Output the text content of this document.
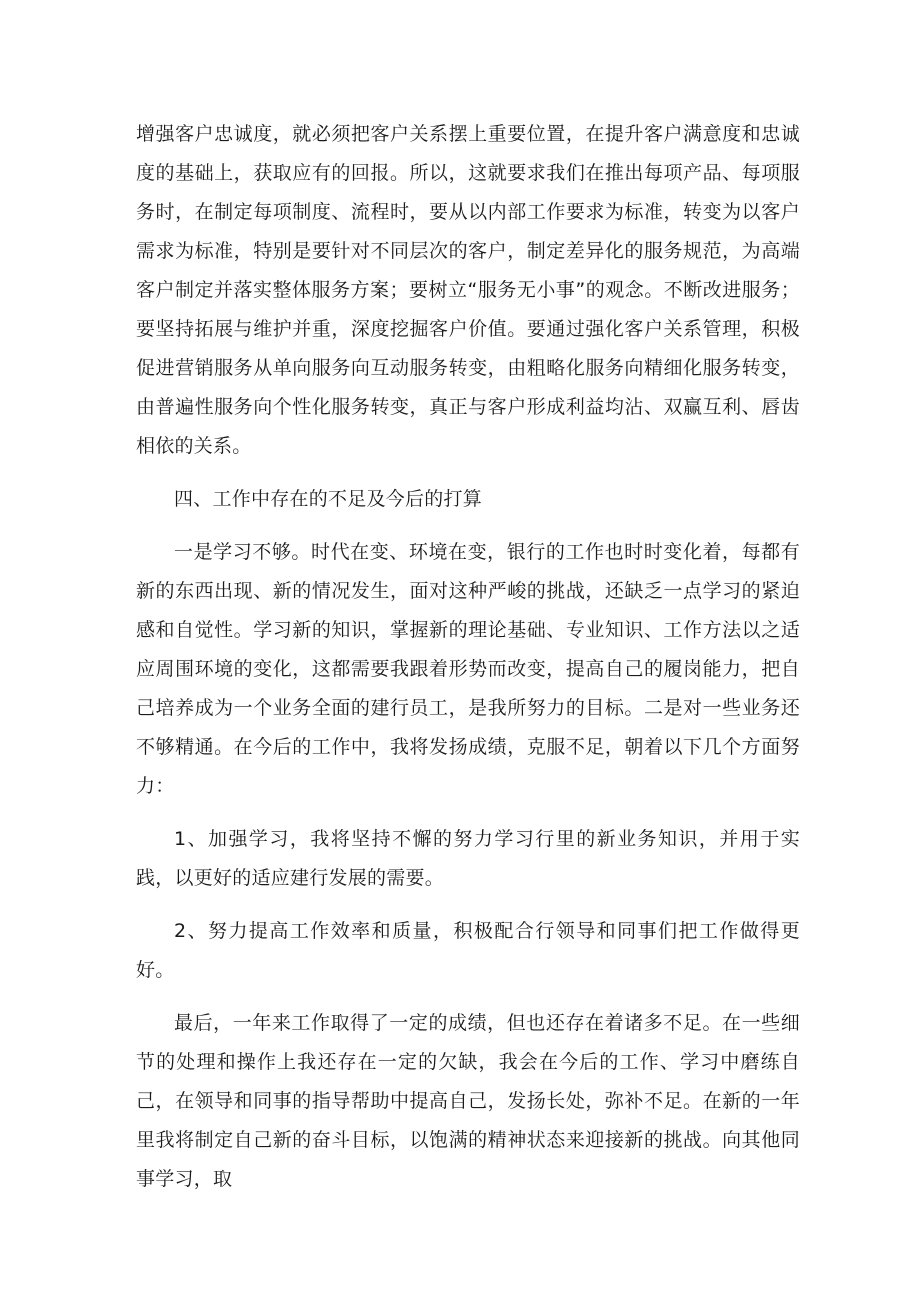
增强客户忠诚度，就必须把客户关系摆上重要位置，在提升客户满意度和忠诚度的基础上，获取应有的回报。所以，这就要求我们在推出每项产品、每项服务时，在制定每项制度、流程时，要从以内部工作要求为标准，转变为以客户需求为标准，特别是要针对不同层次的客户，制定差异化的服务规范，为高端客户制定并落实整体服务方案；要树立“服务无小事”的观念。不断改进服务；要坚持拓展与维护并重，深度挖掘客户价值。要通过强化客户关系管理，积极促进营销服务从单向服务向互动服务转变，由粗略化服务向精细化服务转变，由普遍性服务向个性化服务转变，真正与客户形成利益均沾、双赢互利、唇齿相依的关系。

四、工作中存在的不足及今后的打算

一是学习不够。时代在变、环境在变，银行的工作也时时变化着，每都有新的东西出现、新的情况发生，面对这种严峻的挑战，还缺乏一点学习的紧迫感和自觉性。学习新的知识，掌握新的理论基础、专业知识、工作方法以之适应周围环境的变化，这都需要我跟着形势而改变，提高自己的履岗能力，把自己培养成为一个业务全面的建行员工，是我所努力的目标。二是对一些业务还不够精通。在今后的工作中，我将发扬成绩，克服不足，朝着以下几个方面努力：

1、加强学习，我将坚持不懈的努力学习行里的新业务知识，并用于实践，以更好的适应建行发展的需要。

2、努力提高工作效率和质量，积极配合行领导和同事们把工作做得更好。

最后，一年来工作取得了一定的成绩，但也还存在着诸多不足。在一些细节的处理和操作上我还存在一定的欠缺，我会在今后的工作、学习中磨练自己，在领导和同事的指导帮助中提高自己，发扬长处，弥补不足。在新的一年里我将制定自己新的奋斗目标，以饱满的精神状态来迎接新的挑战。向其他同事学习，取
